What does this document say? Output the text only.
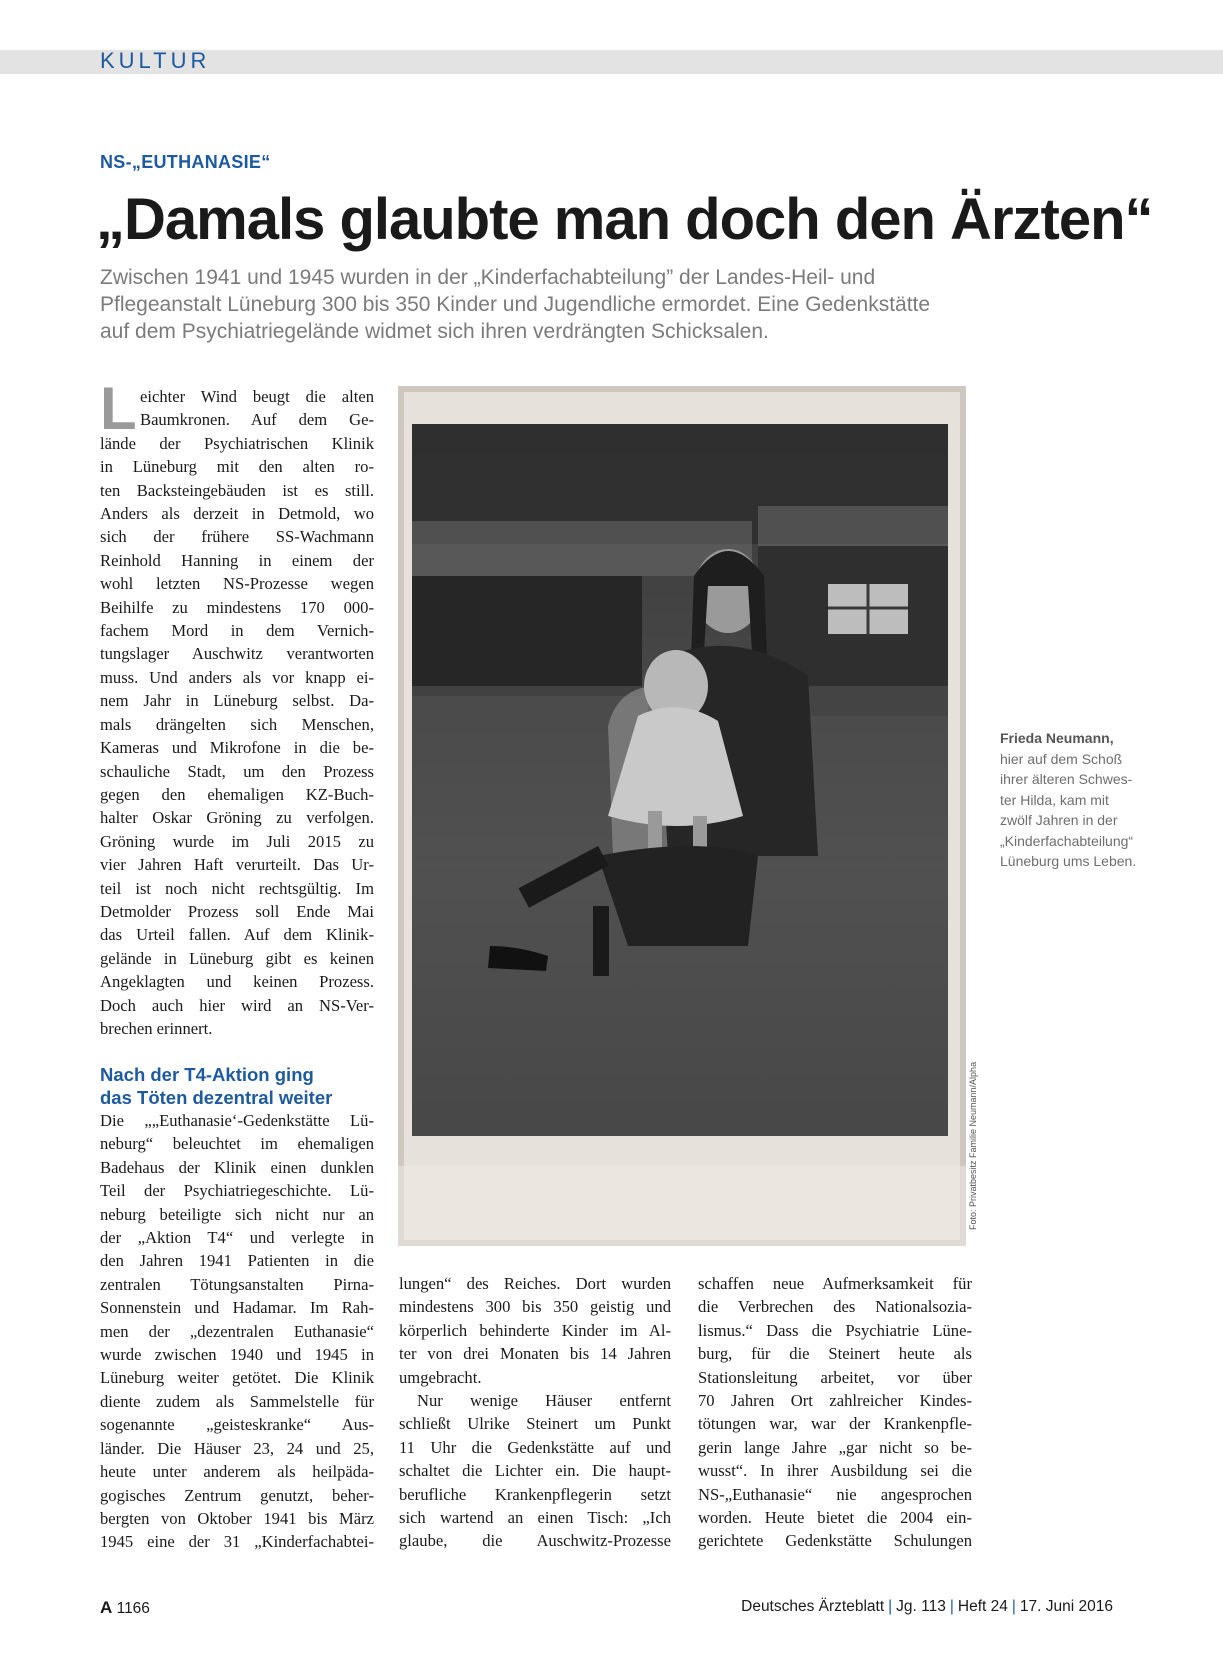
KULTUR
NS-„EUTHANASIE“
„Damals glaubte man doch den Ärzten“

Zwischen 1941 und 1945 wurden in der „Kinderfachabteilung” der Landes-Heil- und

Pflegeanstalt Lüneburg 300 bis 350 Kinder und Jugendliche ermordet. Eine Gedenkstätte

auf dem Psychiatriegelände widmet sich ihren verdrängten Schicksalen.

L eichter Wind beugt die alten

Baumkronen. Auf dem Ge-

lände der Psychiatrischen Klinik

in Lüneburg mit den alten ro-

ten Backsteingebäuden ist es still.

Anders als derzeit in Detmold, wo

sich der frühere SS-Wachmann

Reinhold Hanning in einem der

wohl letzten NS-Prozesse wegen

Beihilfe zu mindestens 170 000-

fachem Mord in dem Vernich-

tungslager Auschwitz verantworten

muss. Und anders als vor knapp ei-

nem Jahr in Lüneburg selbst. Da-

mals drängelten sich Menschen,

Kameras und Mikrofone in die be-

schauliche Stadt, um den Prozess

gegen den ehemaligen KZ-Buch-

halter Oskar Gröning zu verfolgen.

Gröning wurde im Juli 2015 zu

vier Jahren Haft verurteilt. Das Ur-

teil ist noch nicht rechtsgültig. Im

Detmolder Prozess soll Ende Mai

das Urteil fallen. Auf dem Klinik-

gelände in Lüneburg gibt es keinen

Angeklagten und keinen Prozess.

Doch auch hier wird an NS-Ver-

brechen erinnert.

Nach der T4-Aktion ging

das Töten dezentral weiter

Die „„Euthanasie‘-Gedenkstätte Lü-

neburg“ beleuchtet im ehemaligen

Badehaus der Klinik einen dunklen

Teil der Psychiatriegeschichte. Lü-

neburg beteiligte sich nicht nur an

der „Aktion T4“ und verlegte in

den Jahren 1941 Patienten in die

zentralen Tötungsanstalten Pirna-

Sonnenstein und Hadamar. Im Rah-

men der „dezentralen Euthanasie“

wurde zwischen 1940 und 1945 in

Lüneburg weiter getötet. Die Klinik

diente zudem als Sammelstelle für

sogenannte „geisteskranke“ Aus-

länder. Die Häuser 23, 24 und 25,

heute unter anderem als heilpäda-

gogisches Zentrum genutzt, beher-

bergten von Oktober 1941 bis März

1945 eine der 31 „Kinderfachabtei-

Foto: Privatbesitz Familie Neumann/Alpha

Frieda Neumann,

hier auf dem Schoß

ihrer älteren Schwes-

ter Hilda, kam mit

zwölf Jahren in der

„Kinderfachabteilung“

Lüneburg ums Leben.

lungen“ des Reiches. Dort wurden

mindestens 300 bis 350 geistig und

körperlich behinderte Kinder im Al-

ter von drei Monaten bis 14 Jahren

umgebracht.

Nur wenige Häuser entfernt

schließt Ulrike Steinert um Punkt

11 Uhr die Gedenkstätte auf und

schaltet die Lichter ein. Die haupt-

berufliche Krankenpflegerin setzt

sich wartend an einen Tisch: „Ich

glaube, die Auschwitz-Prozesse

schaffen neue Aufmerksamkeit für

die Verbrechen des Nationalsozia-

lismus.“ Dass die Psychiatrie Lüne-

burg, für die Steinert heute als

Stationsleitung arbeitet, vor über

70 Jahren Ort zahlreicher Kindes-

tötungen war, war der Krankenpfle-

gerin lange Jahre „gar nicht so be-

wusst“. In ihrer Ausbildung sei die

NS-„Euthanasie“ nie angesprochen

worden. Heute bietet die 2004 ein-

gerichtete Gedenkstätte Schulungen

A 1166	Deutsches Ärzteblatt | Jg. 113 | Heft 24 | 17. Juni 2016
